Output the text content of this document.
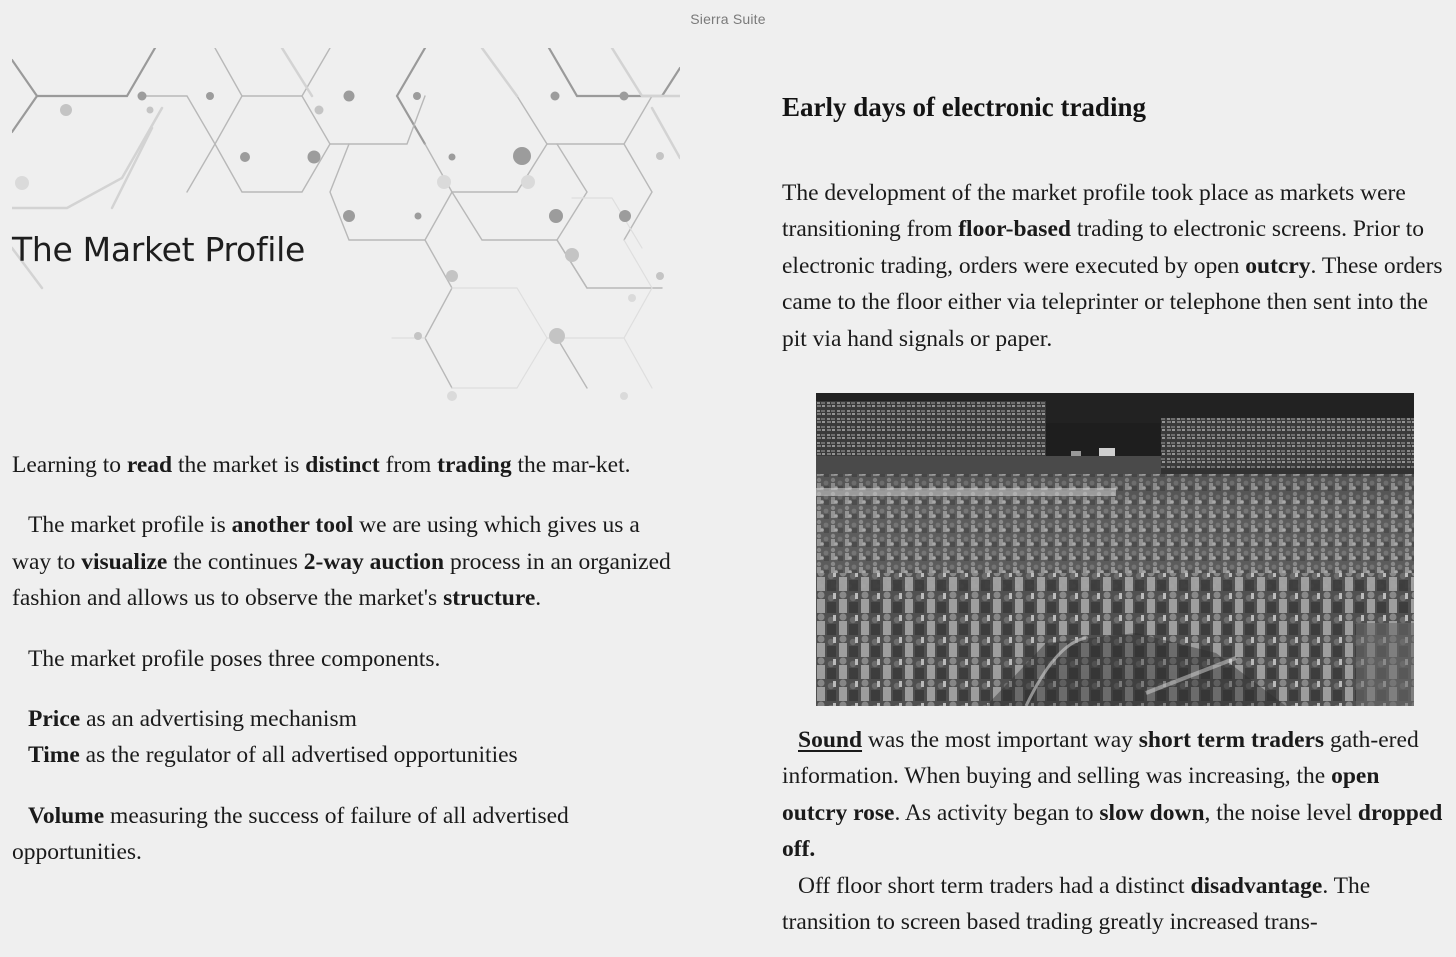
Sierra Suite
The Market Profile

Learning to read the market is distinct from trading the mar-ket.

The market profile is another tool we are using which gives us a way to visualize the continues 2-way auction process in an organized fashion and allows us to observe the market's structure.

The market profile poses three components.

Price as an advertising mechanism

Time as the regulator of all advertised opportunities

Volume measuring the success of failure of all advertised opportunities.

Early days of electronic trading

The development of the market profile took place as markets were transitioning from floor-based trading to electronic screens. Prior to electronic trading, orders were executed by open outcry. These orders came to the floor either via teleprinter or telephone then sent into the pit via hand signals or paper.

Sound was the most important way short term traders gath-ered information. When buying and selling was increasing, the open outcry rose. As activity began to slow down, the noise level dropped off.

Off floor short term traders had a distinct disadvantage. The transition to screen based trading greatly increased trans-
